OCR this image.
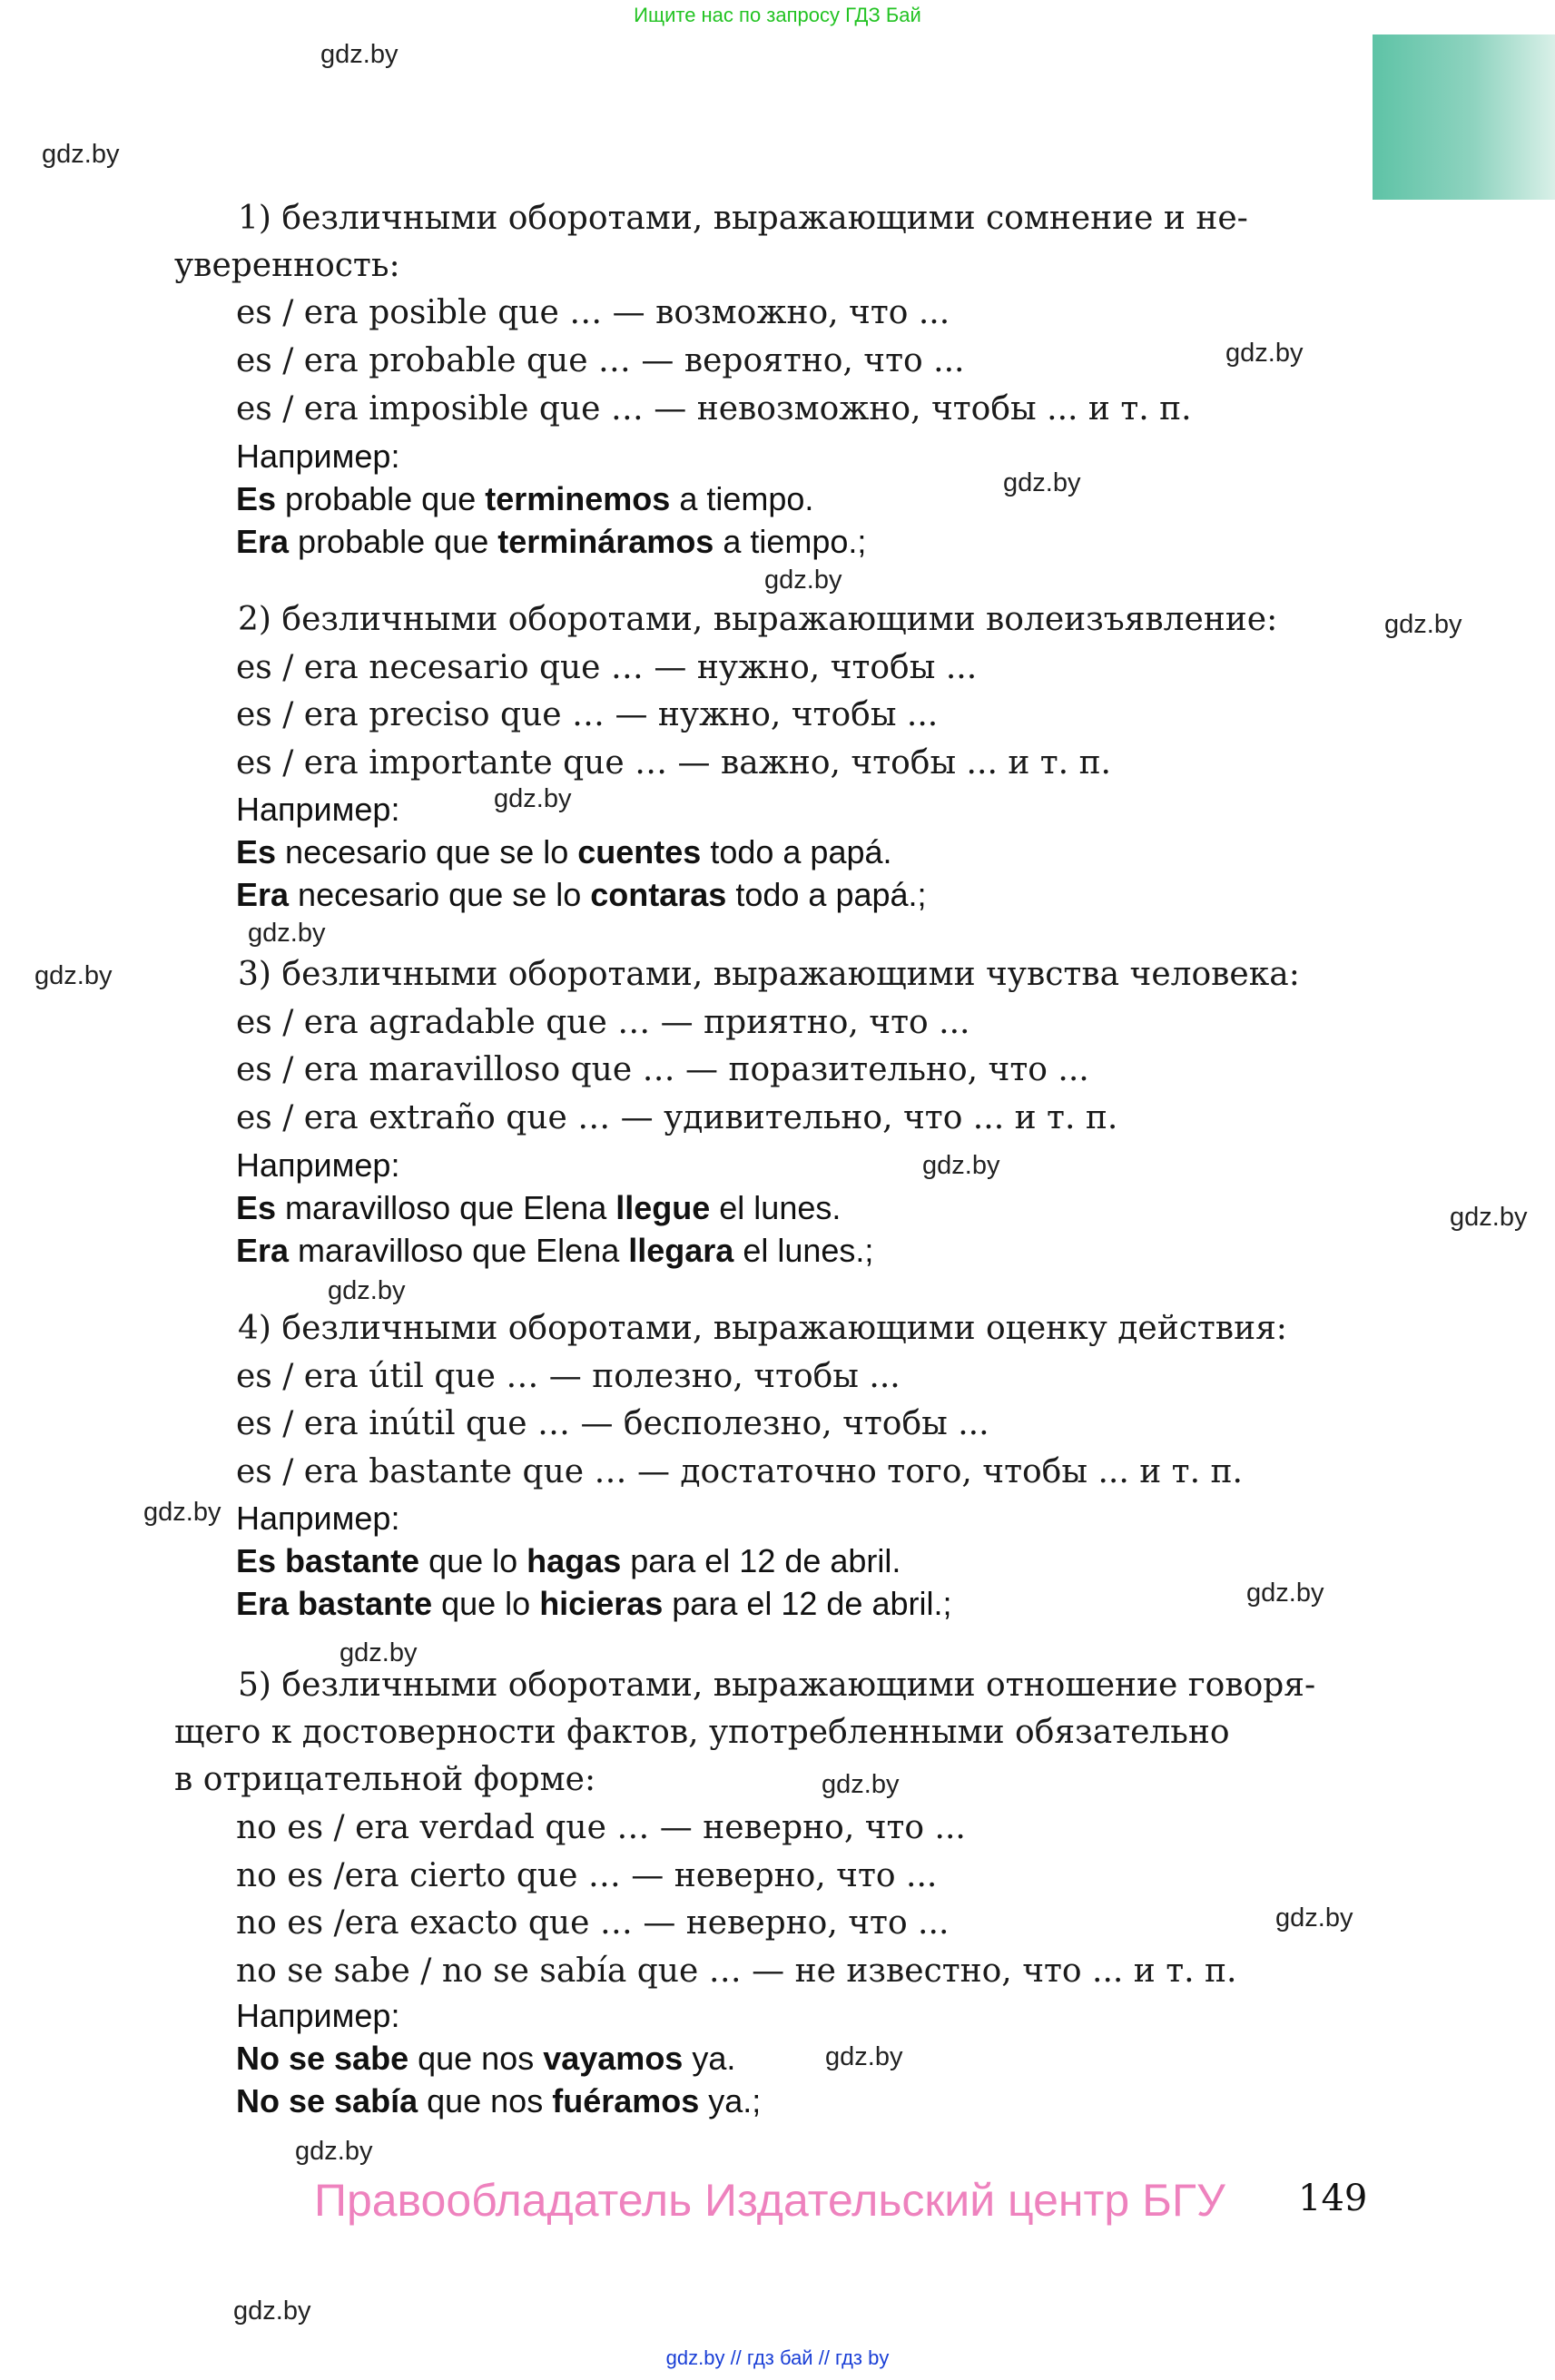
Ищите нас по запросу ГДЗ Бай
gdz.by
gdz.by
gdz.by
gdz.by
gdz.by
gdz.by
gdz.by
gdz.by
gdz.by
gdz.by
gdz.by
gdz.by
gdz.by
gdz.by
gdz.by
gdz.by
gdz.by
gdz.by
gdz.by
gdz.by
1) безличными оборотами, выражающими сомнение и не-
уверенность:
es / era posible que … — возможно, что ...
es / era probable que … — вероятно, что ...
es / era imposible que … — невозможно, чтобы ... и т. п.
Например:
Es probable que terminemos a tiempo.
Era probable que termináramos a tiempo.;
2) безличными оборотами, выражающими волеизъявление:
es / era necesario que … — нужно, чтобы ...
es / era preciso que … — нужно, чтобы ...
es / era importante que … — важно, чтобы ... и т. п.
Например:
Es necesario que se lo cuentes todo a papá.
Era necesario que se lo contaras todo a papá.;
3) безличными оборотами, выражающими чувства человека:
es / era agradable que … — приятно, что ...
es / era maravilloso que … — поразительно, что ...
es / era extraño que … — удивительно, что ... и т. п.
Например:
Es maravilloso que Elena llegue el lunes.
Era maravilloso que Elena llegara el lunes.;
4) безличными оборотами, выражающими оценку действия:
es / era útil que … — полезно, чтобы ...
es / era inútil que … — бесполезно, чтобы ...
es / era bastante que … — достаточно того, чтобы ... и т. п.
Например:
Es bastante que lo hagas para el 12 de abril.
Era bastante que lo hicieras para el 12 de abril.;
5) безличными оборотами, выражающими отношение говоря-
щего к достоверности фактов, употребленными обязательно
в отрицательной форме:
no es / era verdad que … — неверно, что ...
no es /era cierto que … — неверно, что ...
no es /era exacto que … — неверно, что ...
no se sabe / no se sabía que … — не известно, что ... и т. п.
Например:
No se sabe que nos vayamos ya.
No se sabía que nos fuéramos ya.;
Правообладатель Издательский центр БГУ 149
gdz.by // гдз бай // гдз by
